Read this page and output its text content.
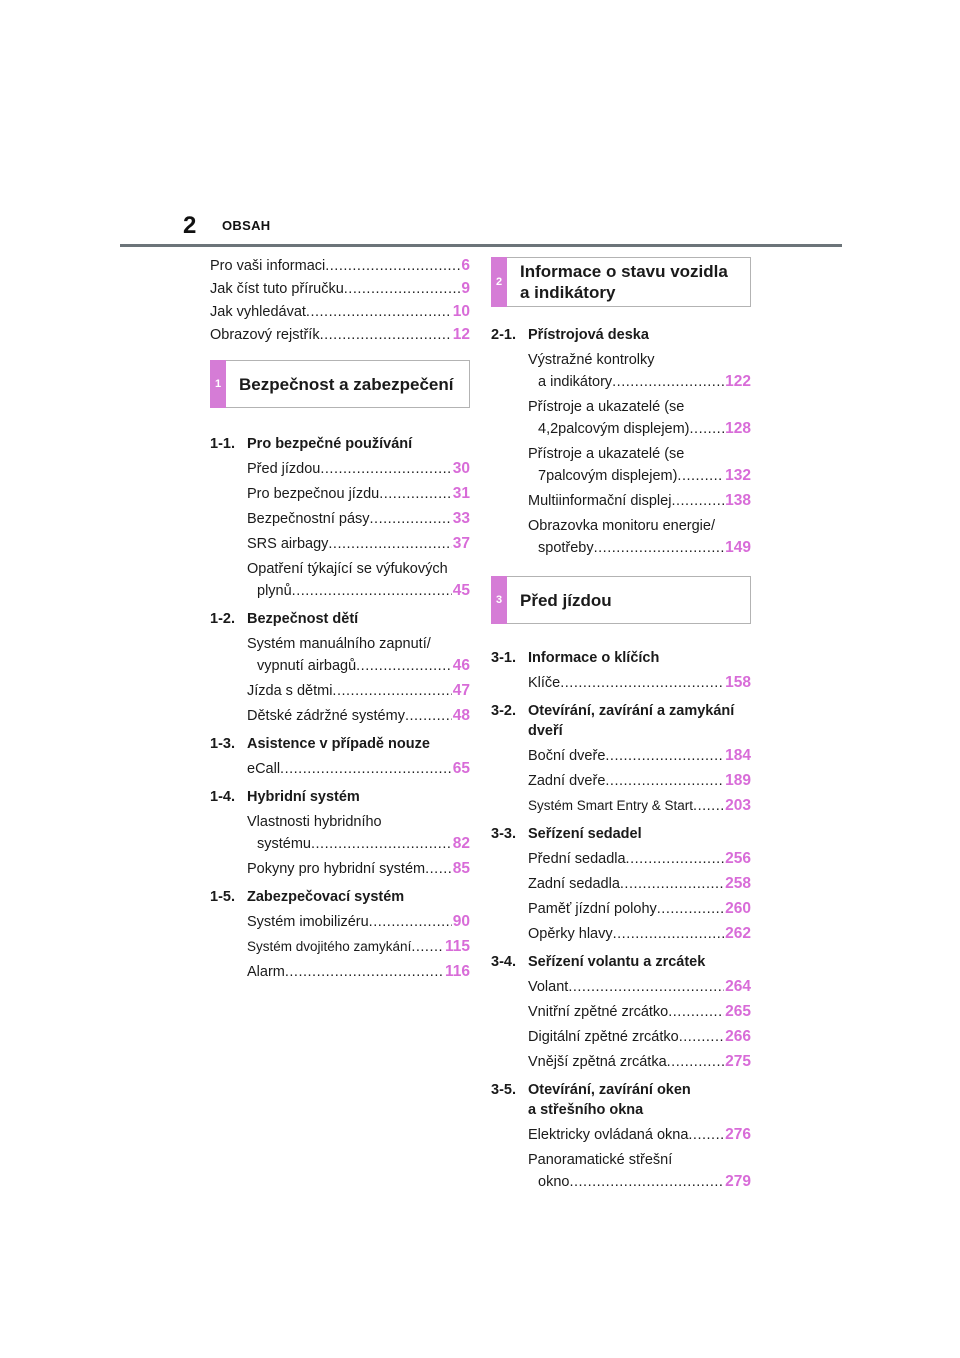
2 OBSAH
Pro vaši informaci .....	6
Jak číst tuto příručku .....	9
Jak vyhledávat .....	10
Obrazový rejstřík .....	12
1 Bezpečnost a zabezpečení
1-1. Pro bezpečné používání
Před jízdou .....	30
Pro bezpečnou jízdu .....	31
Bezpečnostní pásy .....	33
SRS airbagy .....	37
Opatření týkající se výfukových
plynů .....	45
1-2. Bezpečnost dětí
Systém manuálního zapnutí/
vypnutí airbagů .....	46
Jízda s dětmi .....	47
Dětské zádržné systémy .....	48
1-3. Asistence v případě nouze
eCall .....	65
1-4. Hybridní systém
Vlastnosti hybridního
systému .....	82
Pokyny pro hybridní systém ..... 85
1-5. Zabezpečovací systém
Systém imobilizéru .....	90
Systém dvojitého zamykání ..... 115
Alarm .....	116
2
Informace o stavu vozidla
a indikátory
2-1. Přístrojová deska
Výstražné kontrolky
a indikátory .....	122
Přístroje a ukazatelé (se
4,2palcovým displejem) ..... 128
Přístroje a ukazatelé (se
7palcovým displejem) .....	132
Multiinformační displej .....	138
Obrazovka monitoru energie/
spotřeby .....	149
3 Před jízdou
3-1. Informace o klíčích
Klíče .....	158
3-2. Otevírání, zavírání a zamykání
dveří
Boční dveře .....	184
Zadní dveře .....	189
Systém Smart Entry & Start ..... 203
3-3. Seřízení sedadel
Přední sedadla .....	256
Zadní sedadla .....	258
Paměť jízdní polohy .....	260
Opěrky hlavy .....	262
3-4. Seřízení volantu a zrcátek
Volant .....	264
Vnitřní zpětné zrcátko .....	265
Digitální zpětné zrcátko .....	266
Vnější zpětná zrcátka .....	275
3-5. Otevírání, zavírání oken
a střešního okna
Elektricky ovládaná okna ..... 276
Panoramatické střešní
okno .....	279
